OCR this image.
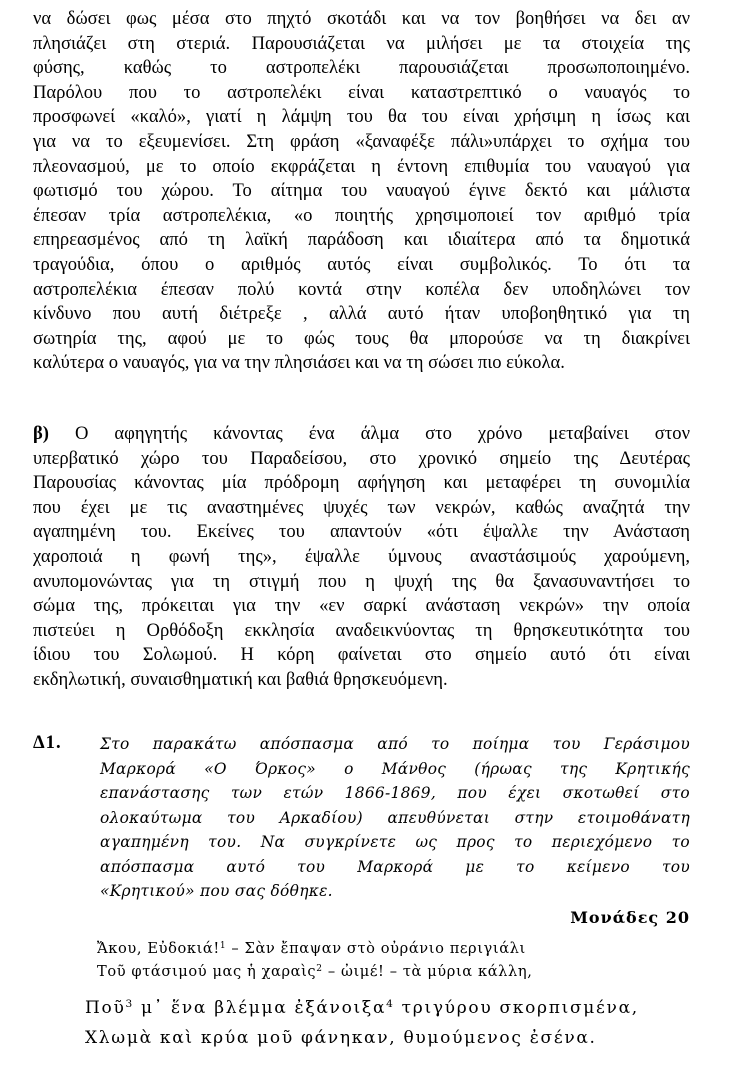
να δώσει φως μέσα στο πηχτό σκοτάδι και να τον βοηθήσει να δει αν
πλησιάζει στη στεριά. Παρουσιάζεται να μιλήσει με τα στοιχεία της
φύσης, καθώς το αστροπελέκι παρουσιάζεται προσωποποιημένο.
Παρόλου που το αστροπελέκι είναι καταστρεπτικό ο ναυαγός το
προσφωνεί «καλό», γιατί η λάμψη του θα του είναι χρήσιμη η ίσως και
για να το εξευμενίσει. Στη φράση «ξαναφέξε πάλι»υπάρχει το σχήμα του
πλεονασμού, με το οποίο εκφράζεται η έντονη επιθυμία του ναυαγού για
φωτισμό του χώρου. Το αίτημα του ναυαγού έγινε δεκτό και μάλιστα
έπεσαν τρία αστροπελέκια, «ο ποιητής χρησιμοποιεί τον αριθμό τρία
επηρεασμένος από τη λαϊκή παράδοση και ιδιαίτερα από τα δημοτικά
τραγούδια, όπου ο αριθμός αυτός είναι συμβολικός. Το ότι τα
αστροπελέκια έπεσαν πολύ κοντά στην κοπέλα δεν υποδηλώνει τον
κίνδυνο που αυτή διέτρεξε , αλλά αυτό ήταν υποβοηθητικό για τη
σωτηρία της, αφού με το φώς τους θα μπορούσε να τη διακρίνει
καλύτερα ο ναυαγός, για να την πλησιάσει και να τη σώσει πιο εύκολα.
β) Ο αφηγητής κάνοντας ένα άλμα στο χρόνο μεταβαίνει στον
υπερβατικό χώρο του Παραδείσου, στο χρονικό σημείο της Δευτέρας
Παρουσίας κάνοντας μία πρόδρομη αφήγηση και μεταφέρει τη συνομιλία
που έχει με τις αναστημένες ψυχές των νεκρών, καθώς αναζητά την
αγαπημένη του. Εκείνες του απαντούν «ότι έψαλλε την Ανάσταση
χαροποιά η φωνή της», έψαλλε ύμνους αναστάσιμούς χαρούμενη,
ανυπομονώντας για τη στιγμή που η ψυχή της θα ξανασυναντήσει το
σώμα της, πρόκειται για την «εν σαρκί ανάσταση νεκρών» την οποία
πιστεύει η Ορθόδοξη εκκλησία αναδεικνύοντας τη θρησκευτικότητα του
ίδιου του Σολωμού. Η κόρη φαίνεται στο σημείο αυτό ότι είναι
εκδηλωτική, συναισθηματική και βαθιά θρησκευόμενη.
Δ1. Στο παρακάτω απόσπασμα από το ποίημα του Γεράσιμου
Μαρκορά «Ο Όρκος» ο Μάνθος (ήρωας της Κρητικής
επανάστασης των ετών 1866-1869, που έχει σκοτωθεί στο
ολοκαύτωμα του Αρκαδίου) απευθύνεται στην ετοιμοθάνατη
αγαπημένη του. Να συγκρίνετε ως προς το περιεχόμενο το
απόσπασμα αυτό του Μαρκορά με το κείμενο του
«Κρητικού» που σας δόθηκε.
Μονάδες 20
Ἄκου, Εὐδοκιά!$^1$ – Σὰν ἔπαψαν στὸ οὐράνιο περιγιάλι
Τοῦ φτάσιμού μας ἡ χαραὶς$^2$ – ὠιμέ! – τὰ μύρια κάλλη,
Ποῦ$^3$ μ᾽ ἕνα βλέμμα ἐξάνοιξα$^4$ τριγύρου σκορπισμένα,
Χλωμὰ καὶ κρύα μοῦ φάνηκαν, θυμούμενος ἐσένα.
